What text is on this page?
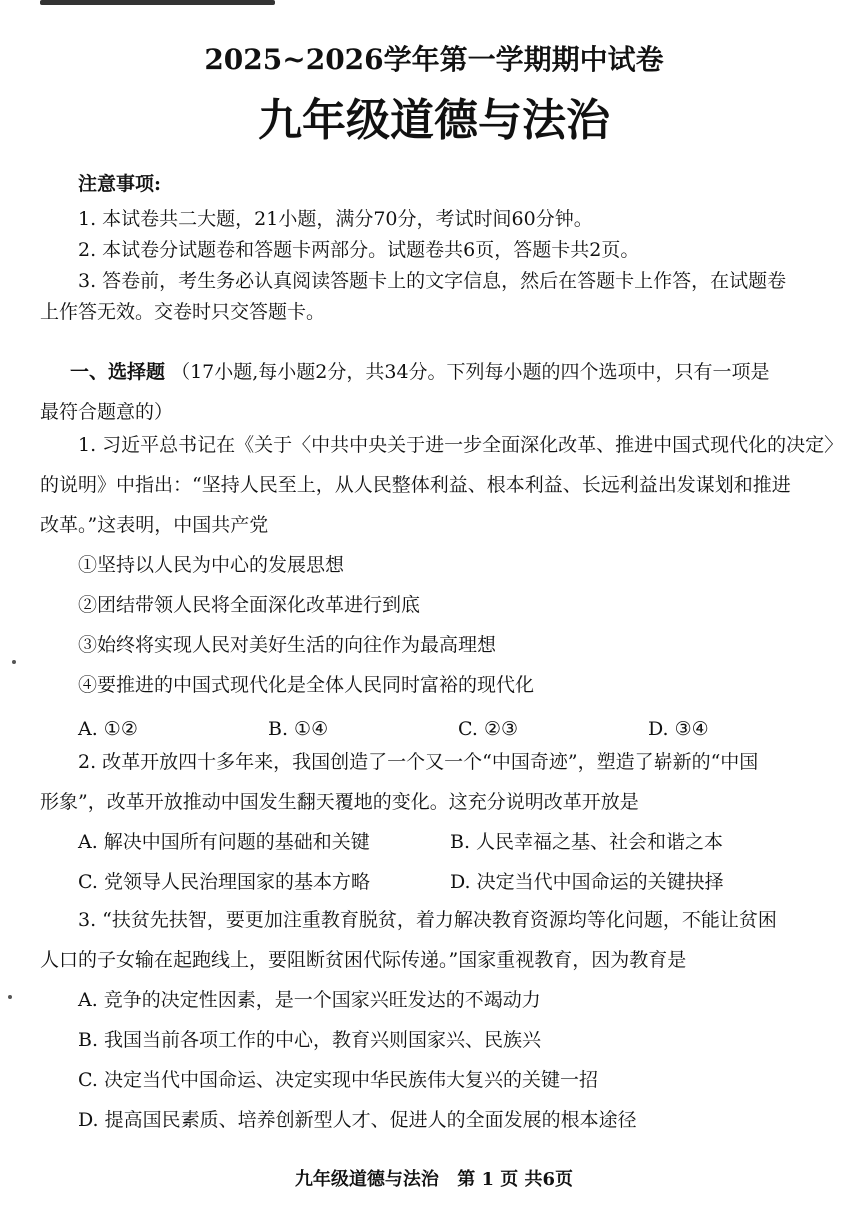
2025~2026学年第一学期期中试卷
九年级道德与法治
注意事项:
1. 本试卷共二大题，21小题，满分70分，考试时间60分钟。
2. 本试卷分试题卷和答题卡两部分。试题卷共6页，答题卡共2页。
3. 答卷前，考生务必认真阅读答题卡上的文字信息，然后在答题卡上作答，在试题卷
上作答无效。交卷时只交答题卡。
一、选择题 （17小题,每小题2分，共34分。下列每小题的四个选项中，只有一项是
最符合题意的）
1. 习近平总书记在《关于〈中共中央关于进一步全面深化改革、推进中国式现代化的决定〉
的说明》中指出：“坚持人民至上，从人民整体利益、根本利益、长远利益出发谋划和推进
改革。”这表明，中国共产党
①坚持以人民为中心的发展思想
②团结带领人民将全面深化改革进行到底
③始终将实现人民对美好生活的向往作为最高理想
④要推进的中国式现代化是全体人民同时富裕的现代化
A. ①②	B. ①④	C. ②③	D. ③④
2. 改革开放四十多年来，我国创造了一个又一个“中国奇迹”，塑造了崭新的“中国
形象”，改革开放推动中国发生翻天覆地的变化。这充分说明改革开放是
A. 解决中国所有问题的基础和关键	B. 人民幸福之基、社会和谐之本
C. 党领导人民治理国家的基本方略	D. 决定当代中国命运的关键抉择
3. “扶贫先扶智，要更加注重教育脱贫，着力解决教育资源均等化问题，不能让贫困
人口的子女输在起跑线上，要阻断贫困代际传递。”国家重视教育，因为教育是
A. 竞争的决定性因素，是一个国家兴旺发达的不竭动力
B. 我国当前各项工作的中心，教育兴则国家兴、民族兴
C. 决定当代中国命运、决定实现中华民族伟大复兴的关键一招
D. 提高国民素质、培养创新型人才、促进人的全面发展的根本途径
九年级道德与法治 第 1 页 共6页
